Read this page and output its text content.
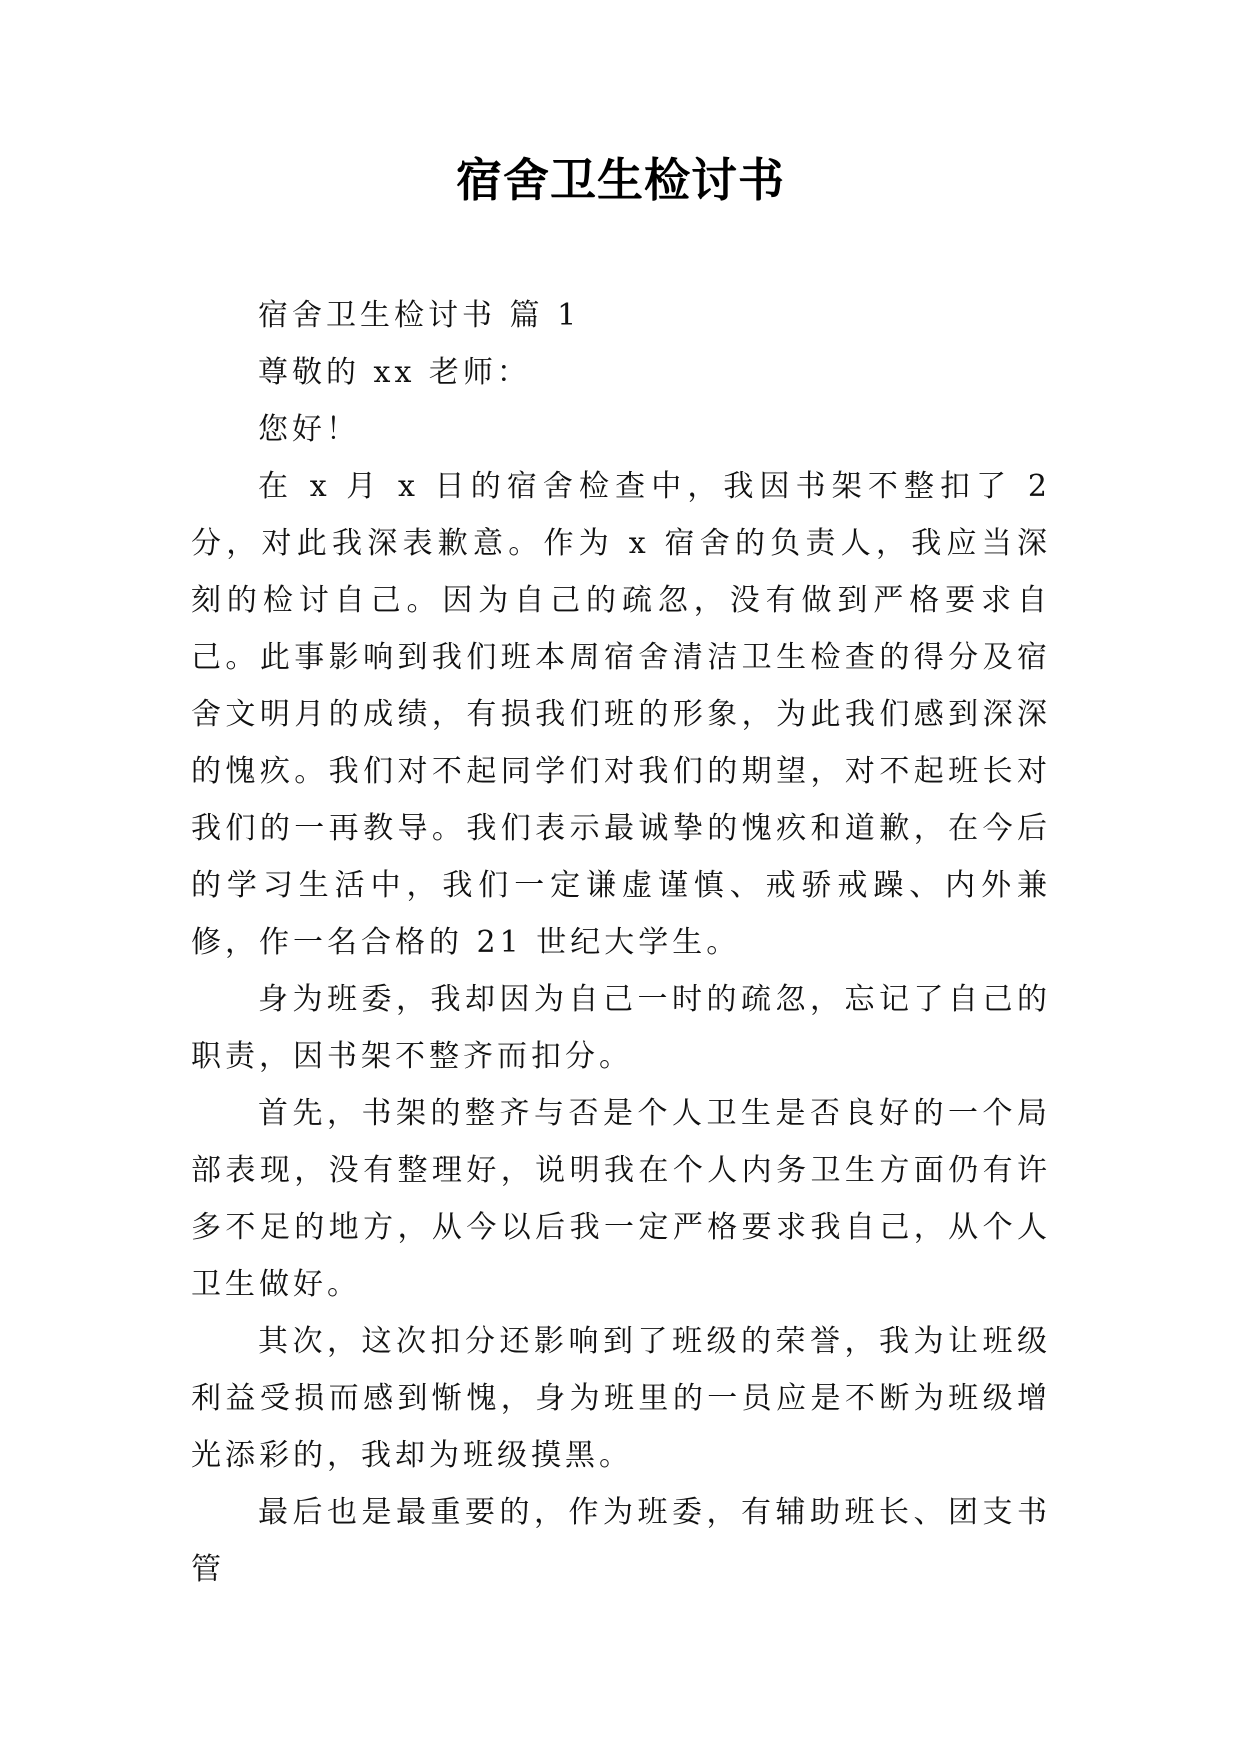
宿舍卫生检讨书

宿舍卫生检讨书 篇 1

尊敬的 xx 老师：

您好！

在 x 月 x 日的宿舍检查中，我因书架不整扣了 2 分，对此我深表歉意。作为 x 宿舍的负责人，我应当深刻的检讨自己。因为自己的疏忽，没有做到严格要求自己。此事影响到我们班本周宿舍清洁卫生检查的得分及宿舍文明月的成绩，有损我们班的形象，为此我们感到深深的愧疚。我们对不起同学们对我们的期望，对不起班长对我们的一再教导。我们表示最诚挚的愧疚和道歉，在今后的学习生活中，我们一定谦虚谨慎、戒骄戒躁、内外兼修，作一名合格的 21 世纪大学生。

身为班委，我却因为自己一时的疏忽，忘记了自己的职责，因书架不整齐而扣分。

首先，书架的整齐与否是个人卫生是否良好的一个局部表现，没有整理好，说明我在个人内务卫生方面仍有许多不足的地方，从今以后我一定严格要求我自己，从个人卫生做好。

其次，这次扣分还影响到了班级的荣誉，我为让班级利益受损而感到惭愧，身为班里的一员应是不断为班级增光添彩的，我却为班级摸黑。

最后也是最重要的，作为班委，有辅助班长、团支书管
